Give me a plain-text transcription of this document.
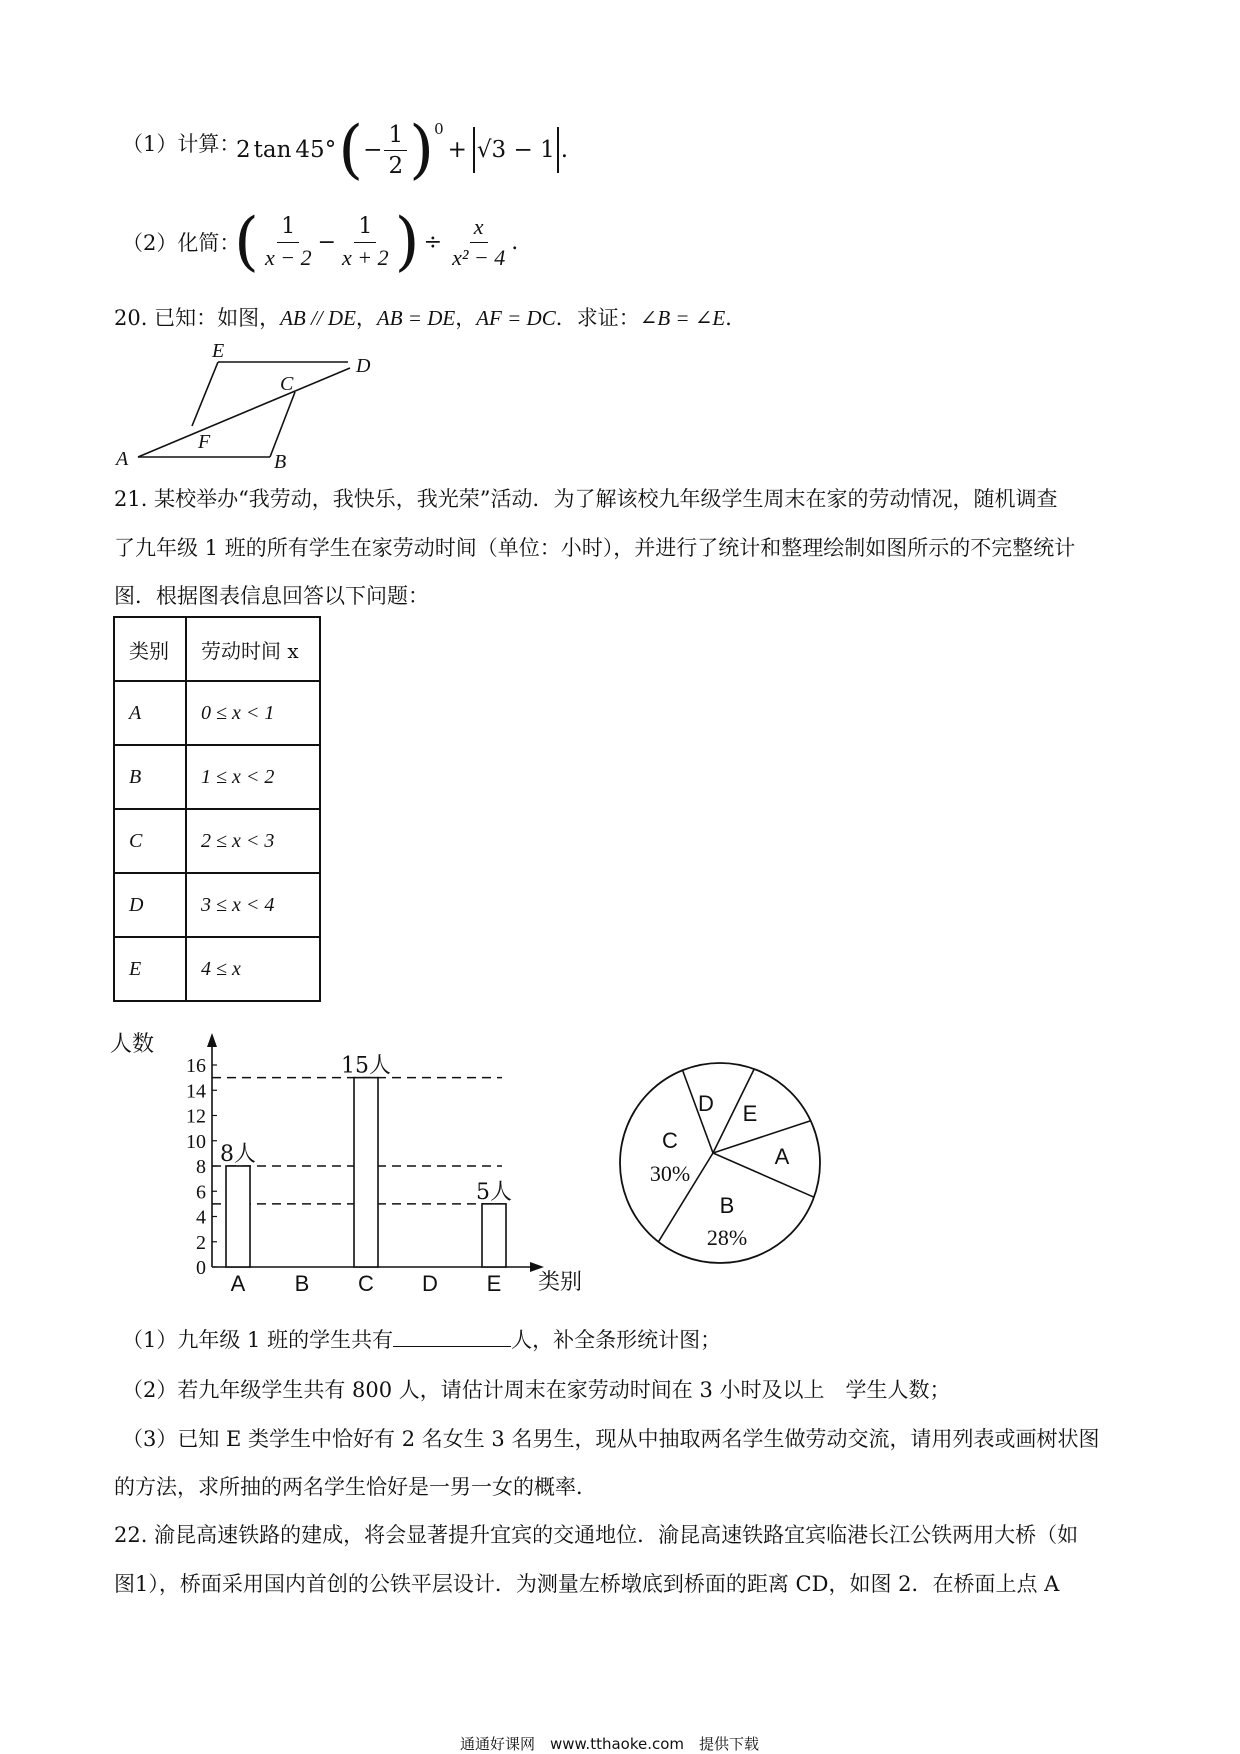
（1）计算：
2 tan 45° ( − $\frac{1}{2}$ ) 0
+ √3 − 1 .
（2）化简：
( $\frac{1}{x - 2} - \frac{1}{x + 2}$ ) ÷ $\frac{x}{\text{x² − 4}}$ .
20. 已知：如图，AB // DE，AB = DE，AF = DC．求证：∠B = ∠E．
E
C
D
F
A	B
21. 某校举办“我劳动，我快乐，我光荣”活动．为了解该校九年级学生周末在家的劳动情况，随机调查
了九年级 1 班的所有学生在家劳动时间（单位：小时），并进行了统计和整理绘制如图所示的不完整统计
图．根据图表信息回答以下问题：
类别	劳动时间 x
A	0 ≤ x < 1
B	1 ≤ x < 2
C	2 ≤ x < 3
D	3 ≤ x < 4
E	4 ≤ x
人数
类别
0
2
4
6
8
10
12
14
16
A
8人
B C
15人
D E
5人
A
B
28%
C
30%
D E
（1）九年级 1 班的学生共有	人，补全条形统计图；
（2）若九年级学生共有 800 人，请估计周末在家劳动时间在 3 小时及以上　学生人数；
（3）已知 E 类学生中恰好有 2 名女生 3 名男生，现从中抽取两名学生做劳动交流，请用列表或画树状图
的方法，求所抽的两名学生恰好是一男一女的概率．
22. 渝昆高速铁路的建成，将会显著提升宜宾的交通地位．渝昆高速铁路宜宾临港长江公铁两用大桥（如
图1），桥面采用国内首创的公铁平层设计．为测量左桥墩底到桥面的距离 CD，如图 2．在桥面上点 A
通通好课网　www.tthaoke.com　提供下载
